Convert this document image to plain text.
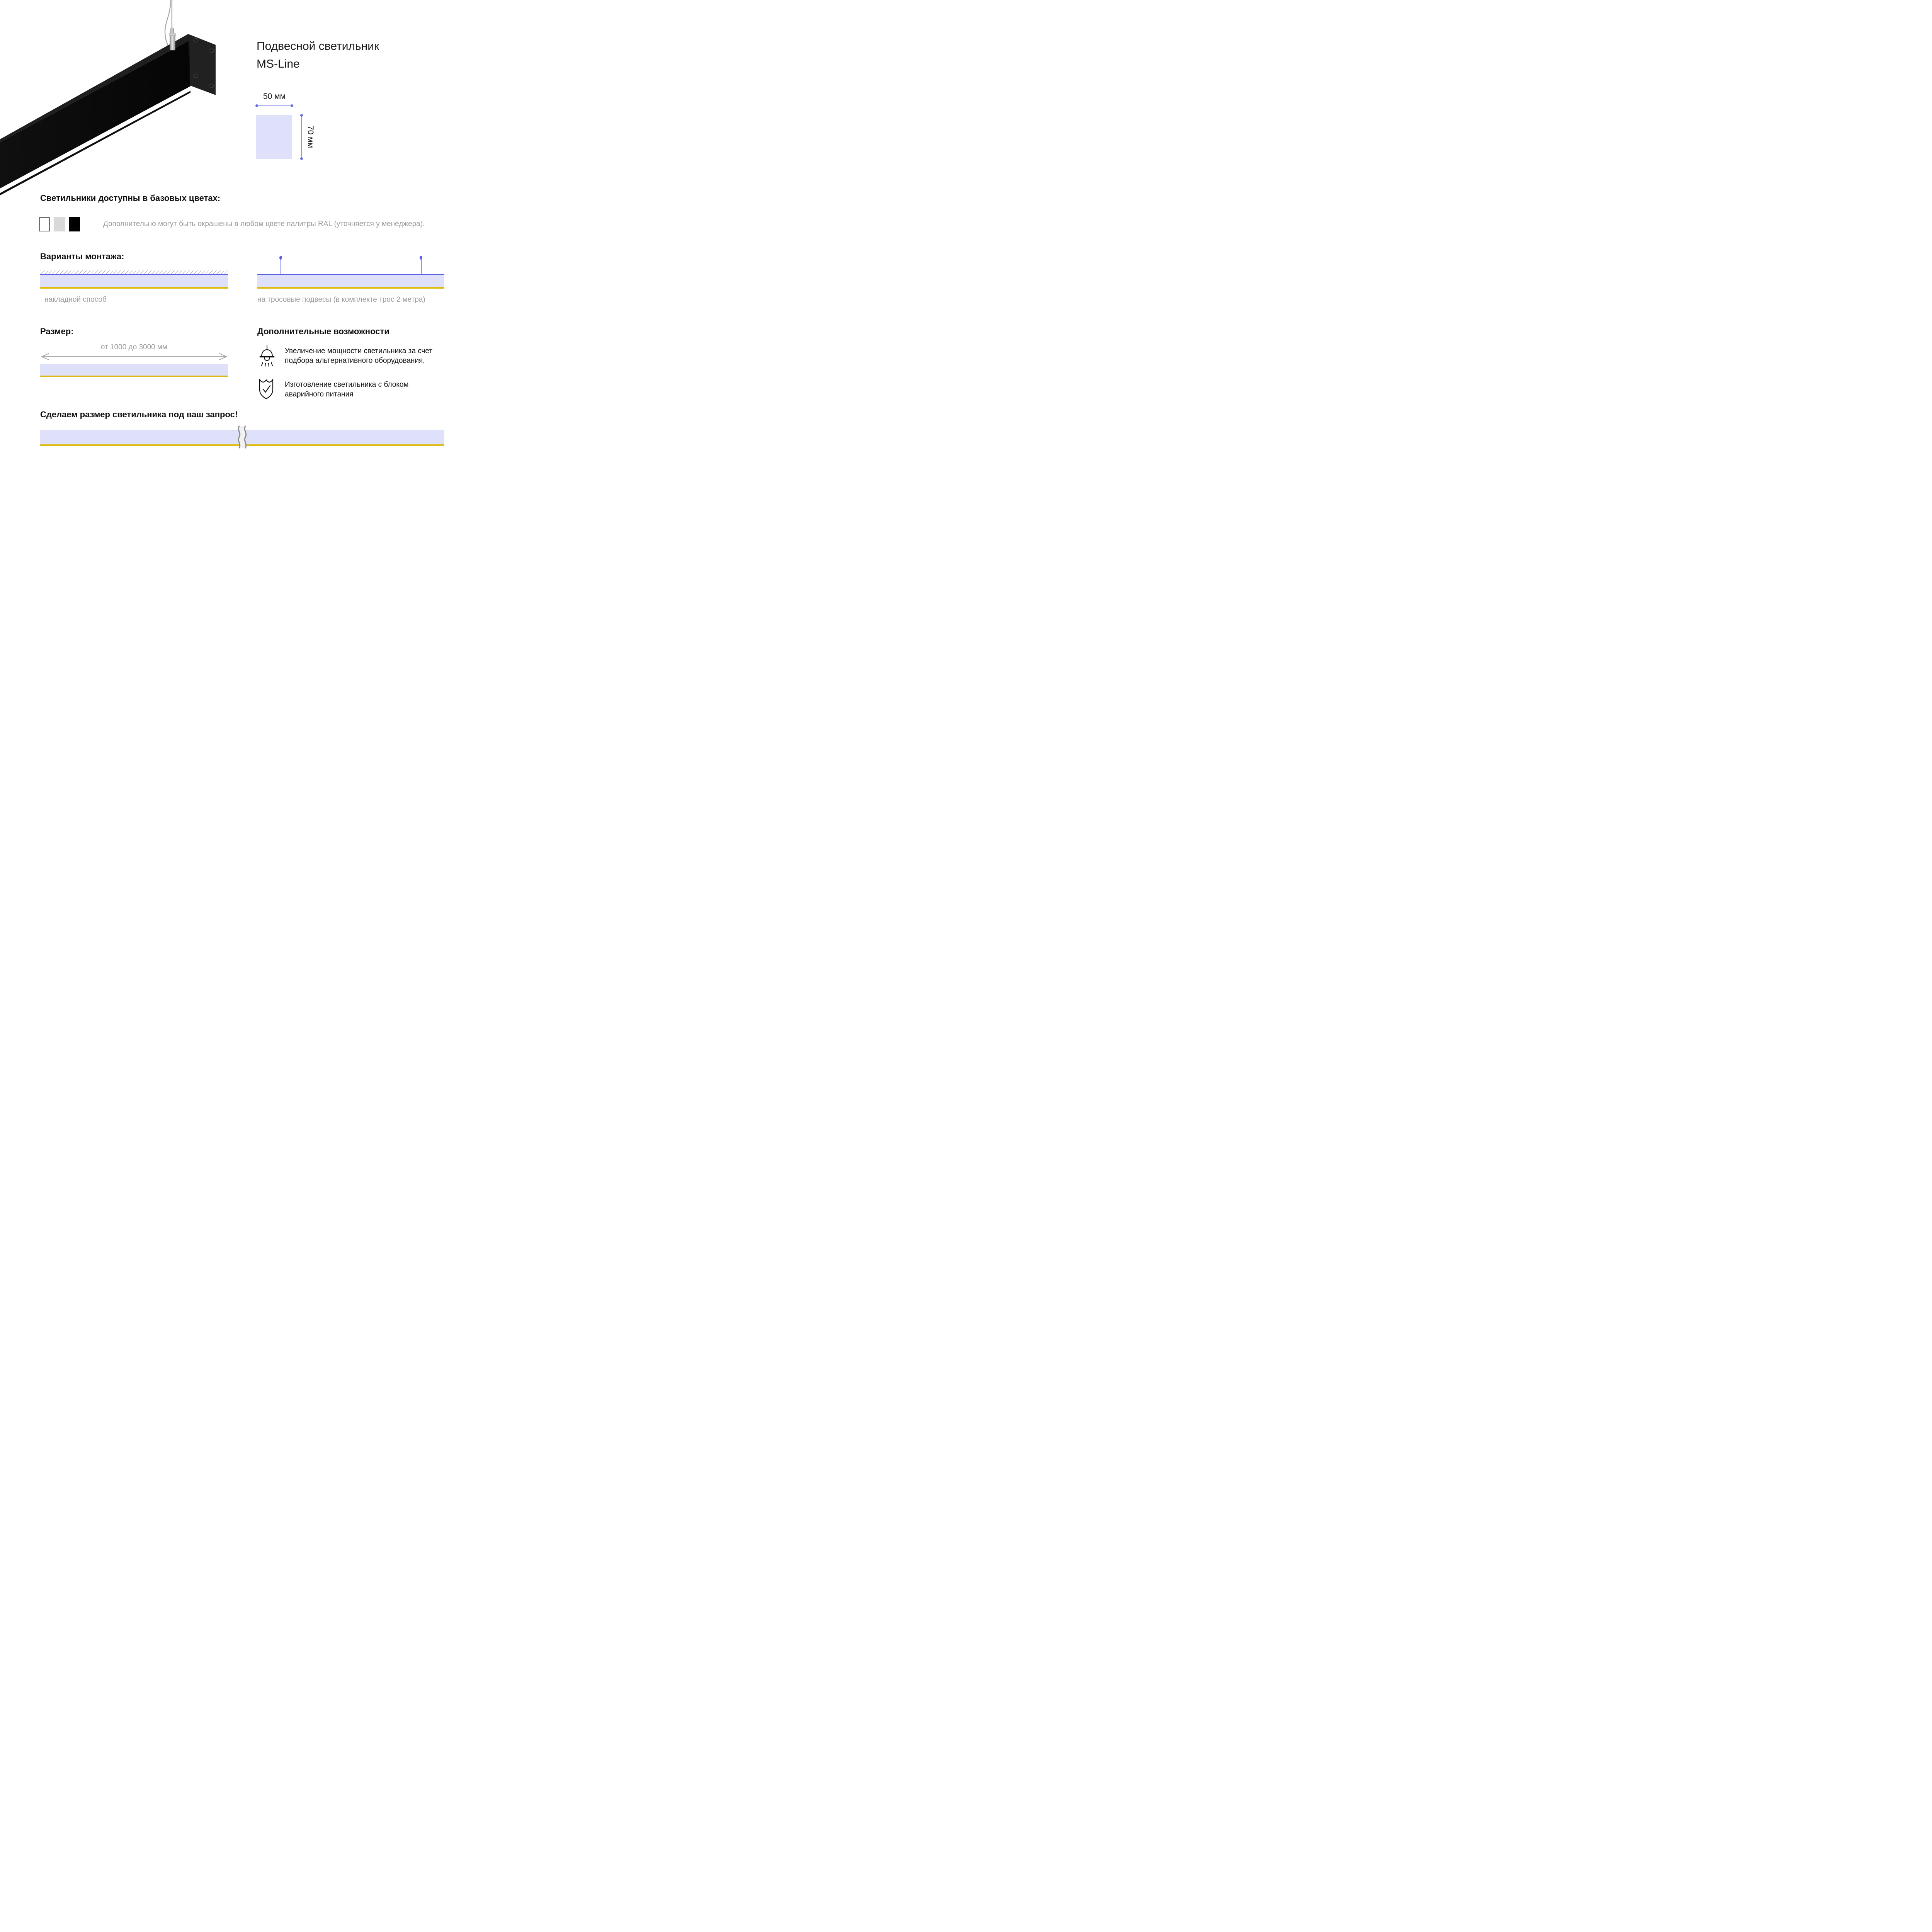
Подвесной светильник
MS-Line
50 мм
70 мм
Светильники доступны в базовых цветах:
Дополнительно могут быть окрашены в любом цвете палитры RAL (уточняется у менеджера).
Варианты монтажа:
накладной способ	на тросовые подвесы (в комплекте трос 2 метра)
Размер:
от 1000 до 3000 мм
Дополнительные возможности
Увеличение мощности светильника за счет подбора альтернативного оборудования.
Изготовление светильника с блоком аварийного питания
Сделаем размер светильника под ваш запрос!
